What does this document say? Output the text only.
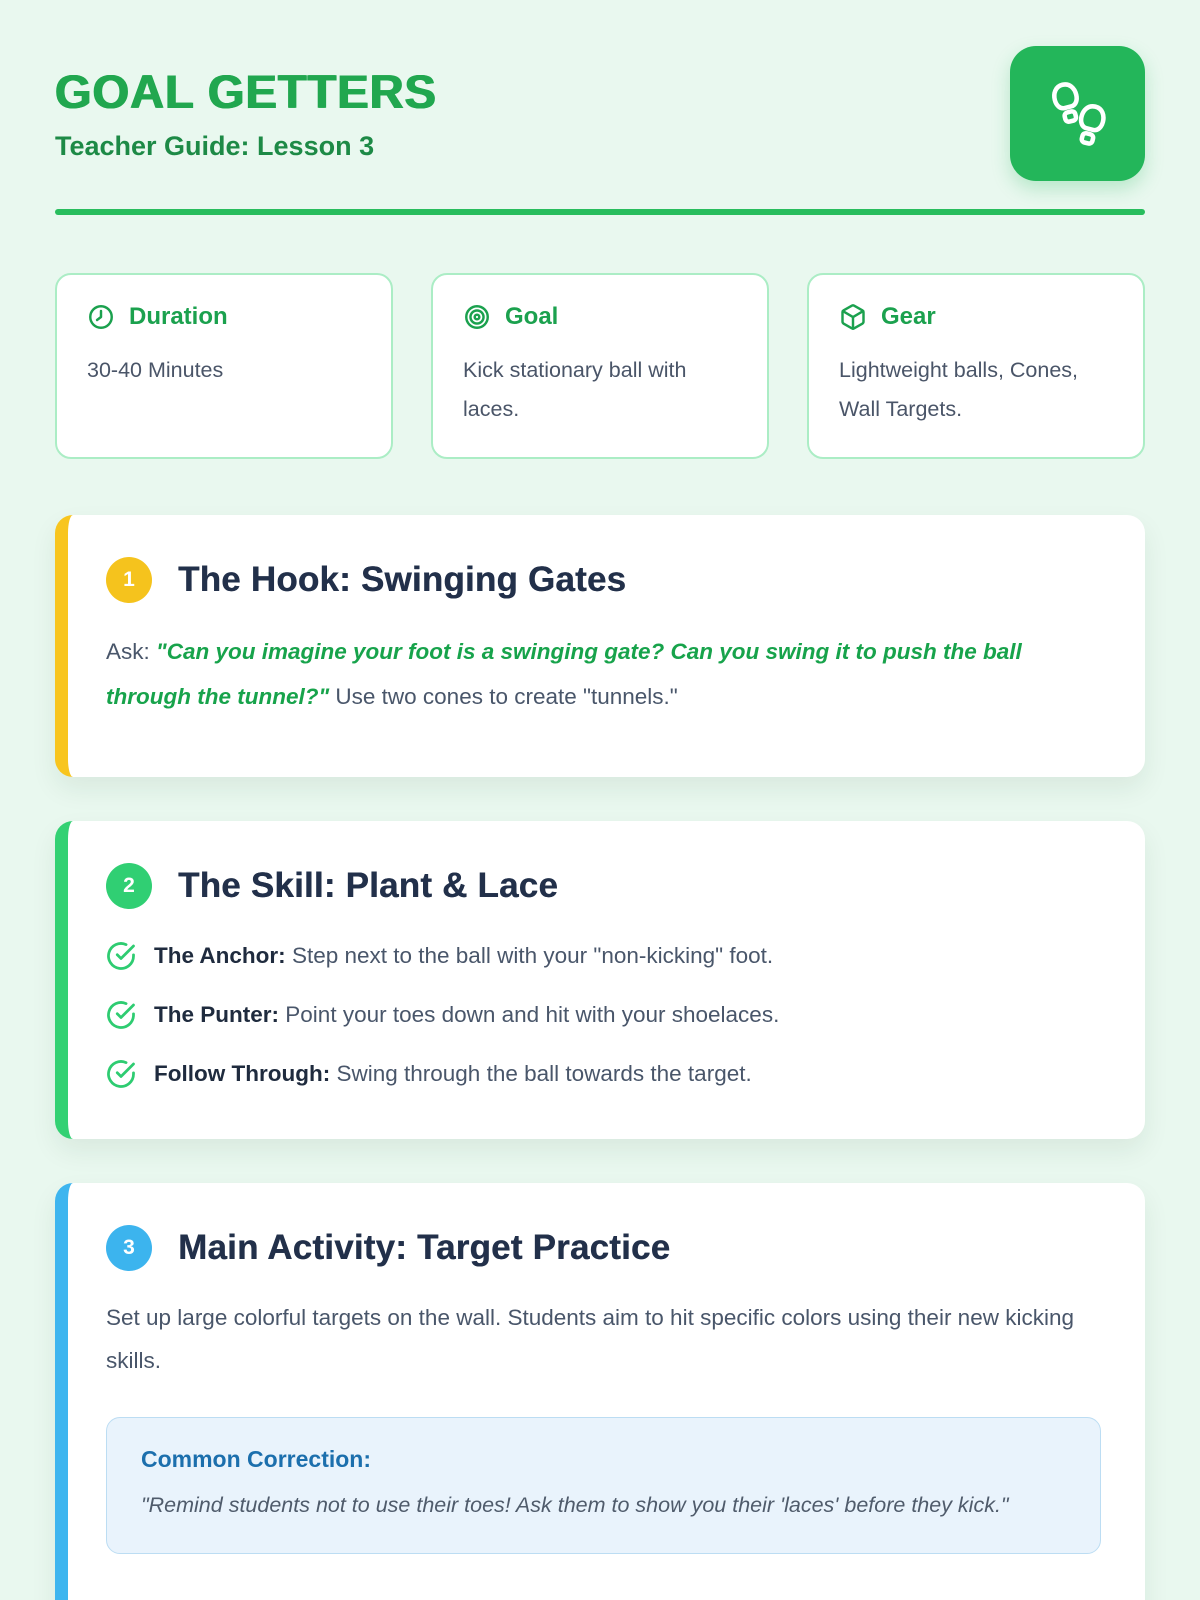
GOAL GETTERS
Teacher Guide: Lesson 3
Duration
30-40 Minutes
Goal
Kick stationary ball with laces.
Gear
Lightweight balls, Cones, Wall Targets.
1	The Hook: Swinging Gates
Ask: "Can you imagine your foot is a swinging gate? Can you swing it to push the ball through the tunnel?" Use two cones to create "tunnels."
2	The Skill: Plant & Lace
The Anchor: Step next to the ball with your "non-kicking" foot.
The Punter: Point your toes down and hit with your shoelaces.
Follow Through: Swing through the ball towards the target.
3	Main Activity: Target Practice
Set up large colorful targets on the wall. Students aim to hit specific colors using their new kicking skills.
Common Correction:
"Remind students not to use their toes! Ask them to show you their 'laces' before they kick."
